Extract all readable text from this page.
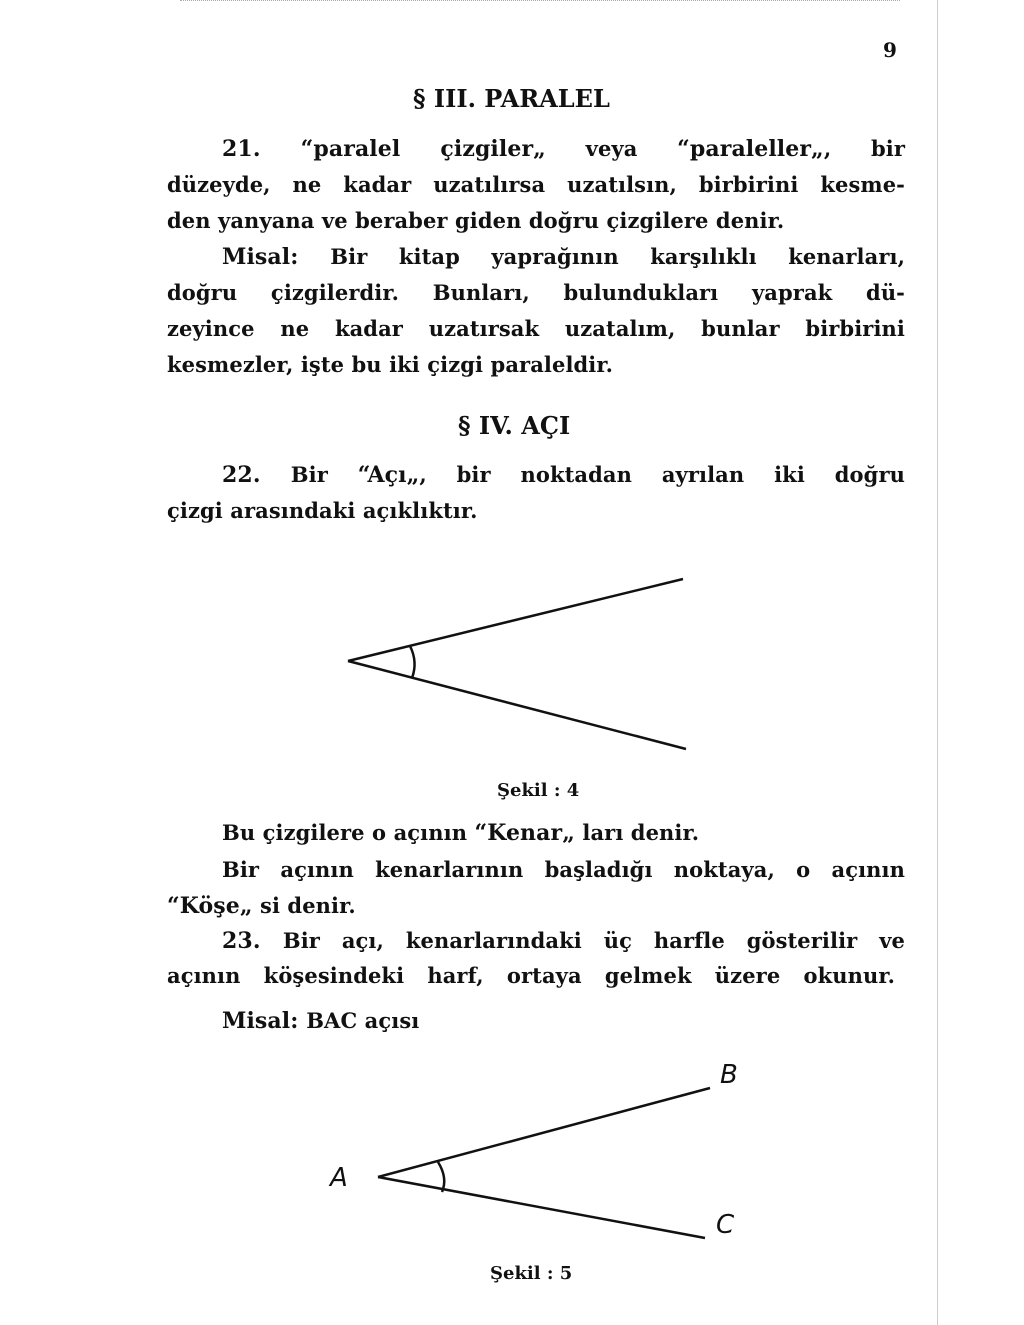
9
§ III. PARALEL
§ IV. AÇI
21. “paralel çizgiler„ veya “paraleller„, bir
düzeyde, ne kadar uzatılırsa uzatılsın, birbirini kesme-
den yanyana ve beraber giden doğru çizgilere denir.
Misal: Bir kitap yaprağının karşılıklı kenarları,
doğru çizgilerdir. Bunları, bulundukları yaprak dü-
zeyince ne kadar uzatırsak uzatalım, bunlar birbirini
kesmezler, işte bu iki çizgi paraleldir.
22. Bir “Açı„, bir noktadan ayrılan iki doğru
çizgi arasındaki açıklıktır.
Bu çizgilere o açının “Kenar„ ları denir.
Bir açının kenarlarının başladığı noktaya, o açının
“Köşe„ si denir.
23. Bir açı, kenarlarındaki üç harfle gösterilir ve
açının köşesindeki harf, ortaya gelmek üzere okunur.
Misal: BAC açısı
A
B
C
Şekil : 4
Şekil : 5
